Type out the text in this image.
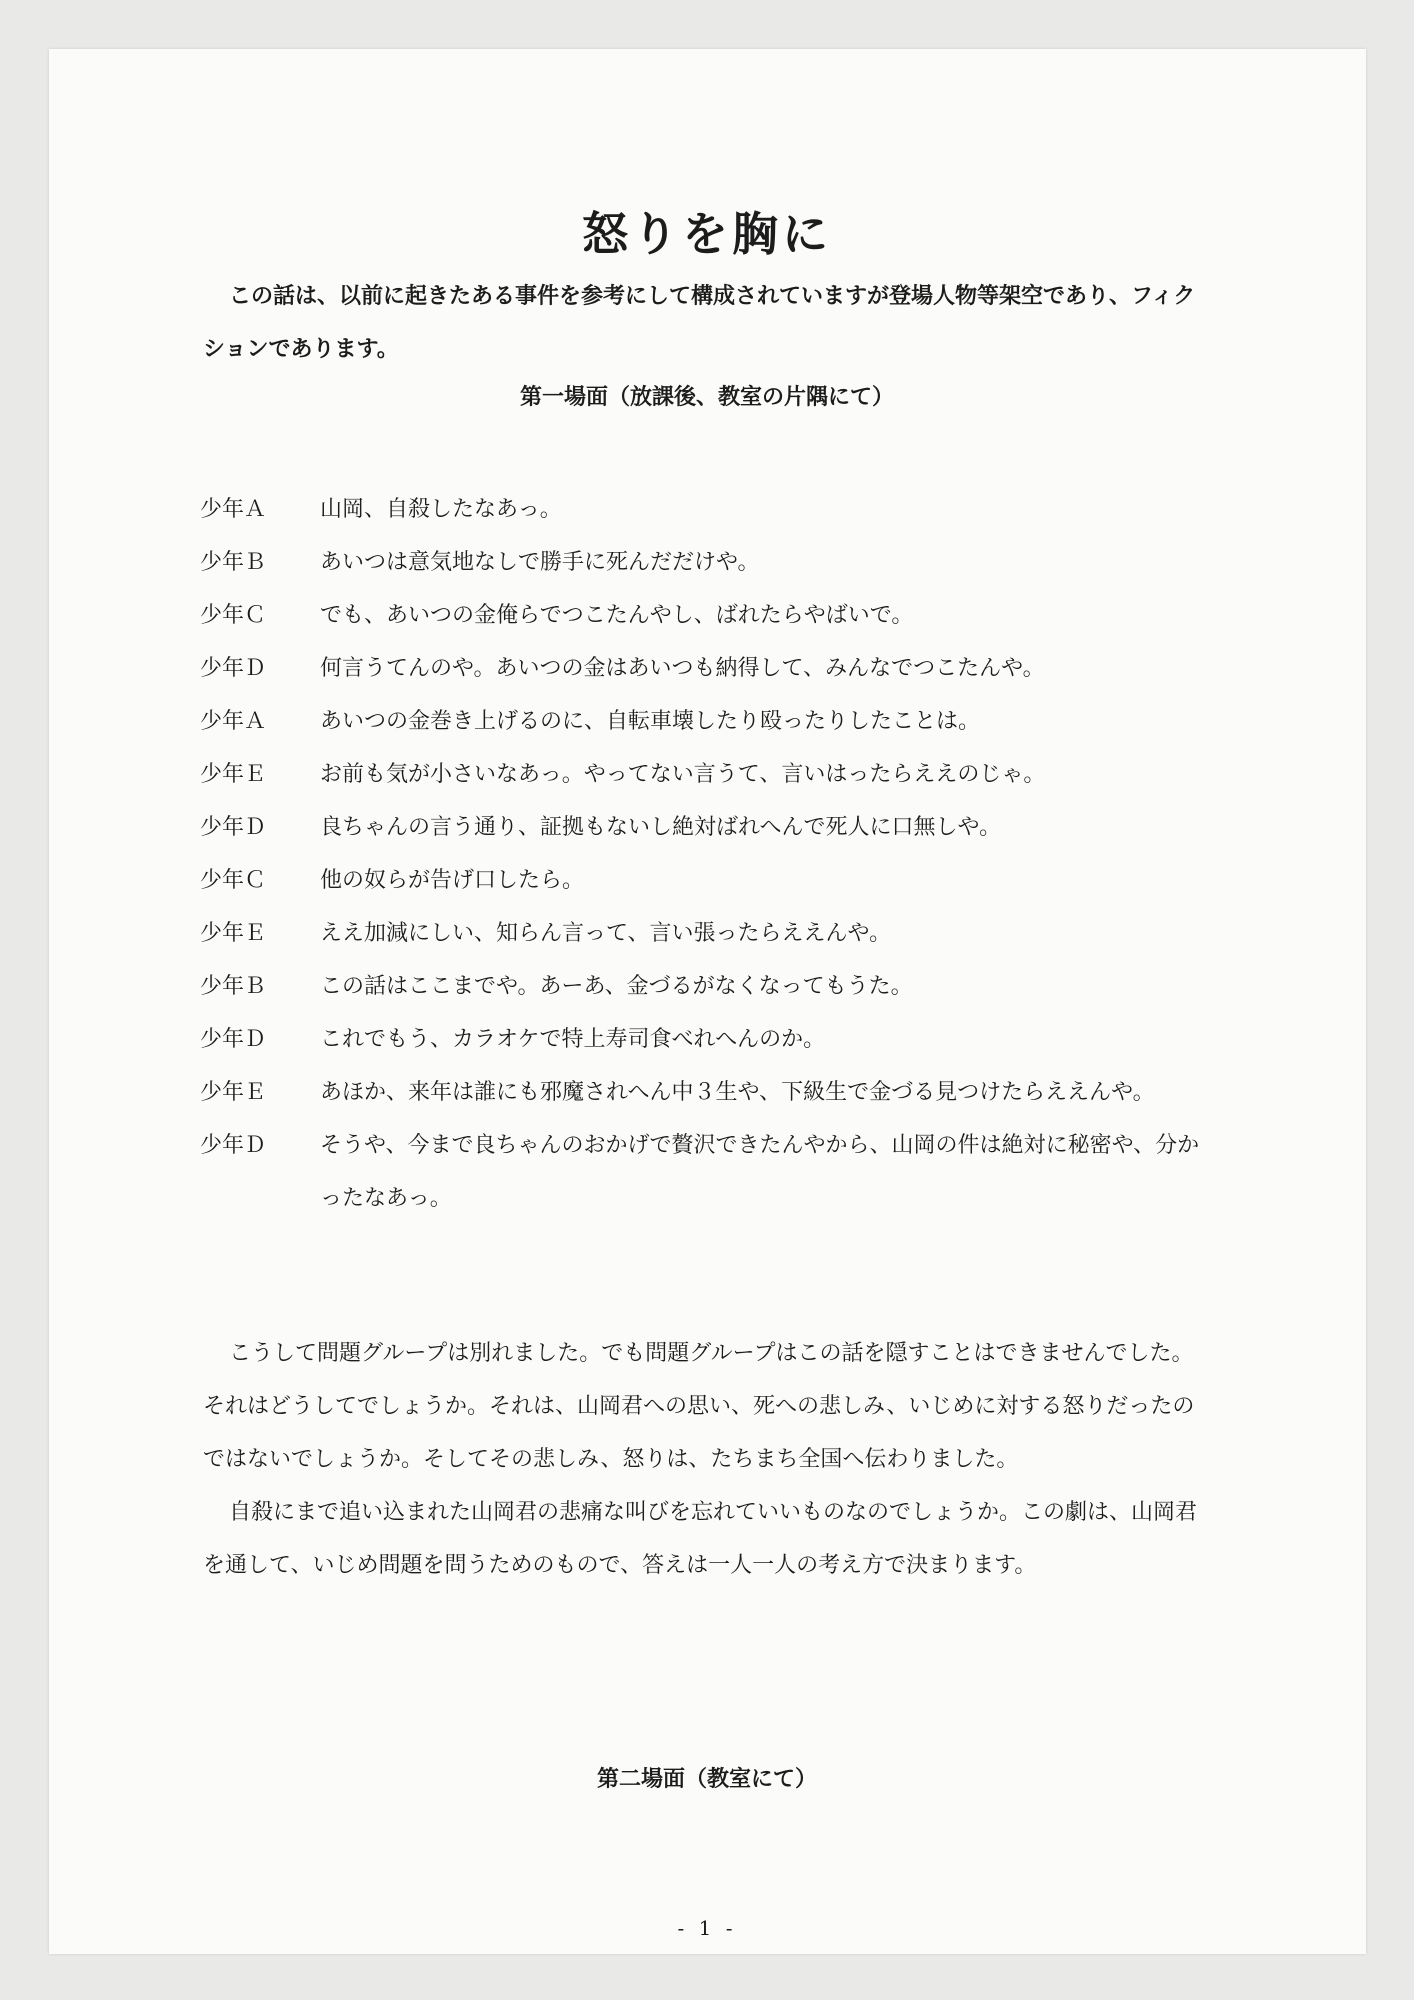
怒りを胸に

この話は、以前に起きたある事件を参考にして構成されていますが登場人物等架空であり、フィクションであります。

第一場面（放課後、教室の片隅にて）
少年Ａ	山岡、自殺したなあっ。
少年Ｂ	あいつは意気地なしで勝手に死んだだけや。
少年Ｃ	でも、あいつの金俺らでつこたんやし、ばれたらやばいで。
少年Ｄ	何言うてんのや。あいつの金はあいつも納得して、みんなでつこたんや。
少年Ａ	あいつの金巻き上げるのに、自転車壊したり殴ったりしたことは。
少年Ｅ	お前も気が小さいなあっ。やってない言うて、言いはったらええのじゃ。
少年Ｄ	良ちゃんの言う通り、証拠もないし絶対ばれへんで死人に口無しや。
少年Ｃ	他の奴らが告げ口したら。
少年Ｅ	ええ加減にしい、知らん言って、言い張ったらええんや。
少年Ｂ	この話はここまでや。あーあ、金づるがなくなってもうた。
少年Ｄ	これでもう、カラオケで特上寿司食べれへんのか。
少年Ｅ	あほか、来年は誰にも邪魔されへん中３生や、下級生で金づる見つけたらええんや。
少年Ｄ	そうや、今まで良ちゃんのおかげで贅沢できたんやから、山岡の件は絶対に秘密や、分かったなあっ。

こうして問題グループは別れました。でも問題グループはこの話を隠すことはできませんでした。それはどうしてでしょうか。それは、山岡君への思い、死への悲しみ、いじめに対する怒りだったのではないでしょうか。そしてその悲しみ、怒りは、たちまち全国へ伝わりました。

自殺にまで追い込まれた山岡君の悲痛な叫びを忘れていいものなのでしょうか。この劇は、山岡君を通して、いじめ問題を問うためのもので、答えは一人一人の考え方で決まります。

第二場面（教室にて）
- 1 -
